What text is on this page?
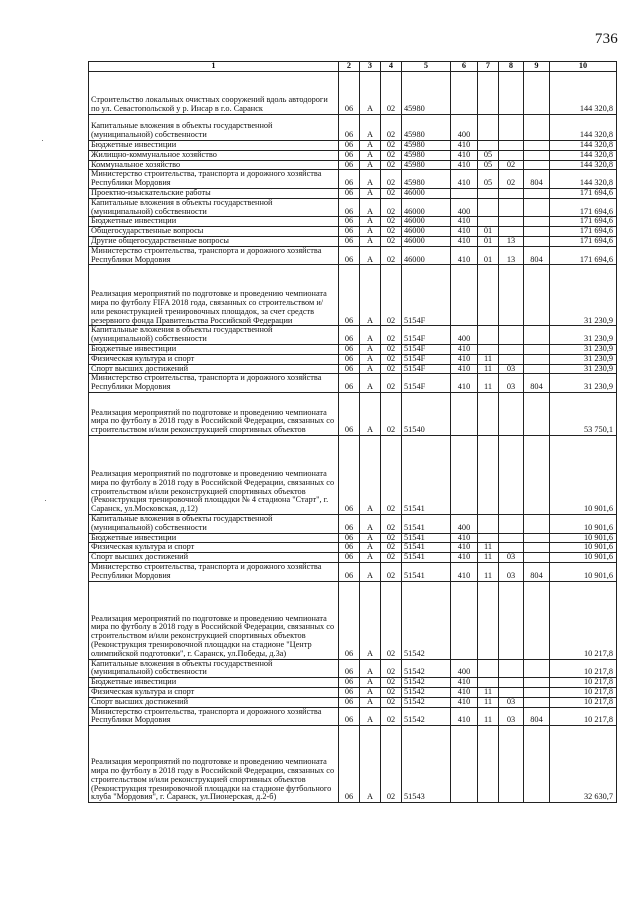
736
1	2	3	4	5	6	7	8	9	10
Строительство локальных очистных сооружений вдоль автодороги по ул. Севастопольской у р. Инсар в г.о. Саранск	06	А	02	45980					144 320,8
Капитальные вложения в объекты государственной (муниципальной) собственности	06	А	02	45980	400				144 320,8
Бюджетные инвестиции	06	А	02	45980	410				144 320,8
Жилищно-коммунальное хозяйство	06	А	02	45980	410	05			144 320,8
Коммунальное хозяйство	06	А	02	45980	410	05	02		144 320,8
Министерство строительства, транспорта и дорожного хозяйства Республики Мордовия	06	А	02	45980	410	05	02	804	144 320,8
Проектно-изыскательские работы	06	А	02	46000					171 694,6
Капитальные вложения в объекты государственной (муниципальной) собственности	06	А	02	46000	400				171 694,6
Бюджетные инвестиции	06	А	02	46000	410				171 694,6
Общегосударственные вопросы	06	А	02	46000	410	01			171 694,6
Другие общегосударственные вопросы	06	А	02	46000	410	01	13		171 694,6
Министерство строительства, транспорта и дорожного хозяйства Республики Мордовия	06	А	02	46000	410	01	13	804	171 694,6
Реализация мероприятий по подготовке и проведению чемпионата мира по футболу FIFA 2018 года, связанных со строительством и/или реконструкцией тренировочных площадок, за счет средств резервного фонда Правительства Российской Федерации	06	А	02	5154F					31 230,9
Капитальные вложения в объекты государственной (муниципальной) собственности	06	А	02	5154F	400				31 230,9
Бюджетные инвестиции	06	А	02	5154F	410				31 230,9
Физическая культура и спорт	06	А	02	5154F	410	11			31 230,9
Спорт высших достижений	06	А	02	5154F	410	11	03		31 230,9
Министерство строительства, транспорта и дорожного хозяйства Республики Мордовия	06	А	02	5154F	410	11	03	804	31 230,9
Реализация мероприятий по подготовке и проведению чемпионата мира по футболу в 2018 году в Российской Федерации, связанных со строительством и/или реконструкцией спортивных объектов	06	А	02	51540					53 750,1
Реализация мероприятий по подготовке и проведению чемпионата мира по футболу в 2018 году в Российской Федерации, связанных со строительством и/или реконструкцией спортивных объектов (Реконструкция тренировочной площадки № 4 стадиона "Старт", г. Саранск, ул.Московская, д.12)	06	А	02	51541					10 901,6
Капитальные вложения в объекты государственной (муниципальной) собственности	06	А	02	51541	400				10 901,6
Бюджетные инвестиции	06	А	02	51541	410				10 901,6
Физическая культура и спорт	06	А	02	51541	410	11			10 901,6
Спорт высших достижений	06	А	02	51541	410	11	03		10 901,6
Министерство строительства, транспорта и дорожного хозяйства Республики Мордовия	06	А	02	51541	410	11	03	804	10 901,6
Реализация мероприятий по подготовке и проведению чемпионата мира по футболу в 2018 году в Российской Федерации, связанных со строительством и/или реконструкцией спортивных объектов (Реконструкция тренировочной площадки на стадионе "Центр олимпийской подготовки", г. Саранск, ул.Победы, д.3а)	06	А	02	51542					10 217,8
Капитальные вложения в объекты государственной (муниципальной) собственности	06	А	02	51542	400				10 217,8
Бюджетные инвестиции	06	А	02	51542	410				10 217,8
Физическая культура и спорт	06	А	02	51542	410	11			10 217,8
Спорт высших достижений	06	А	02	51542	410	11	03		10 217,8
Министерство строительства, транспорта и дорожного хозяйства Республики Мордовия	06	А	02	51542	410	11	03	804	10 217,8
Реализация мероприятий по подготовке и проведению чемпионата мира по футболу в 2018 году в Российской Федерации, связанных со строительством и/или реконструкцией спортивных объектов (Реконструкция тренировочной площадки на стадионе футбольного клуба "Мордовия", г. Саранск, ул.Пионерская, д.2-б)	06	А	02	51543					32 630,7
